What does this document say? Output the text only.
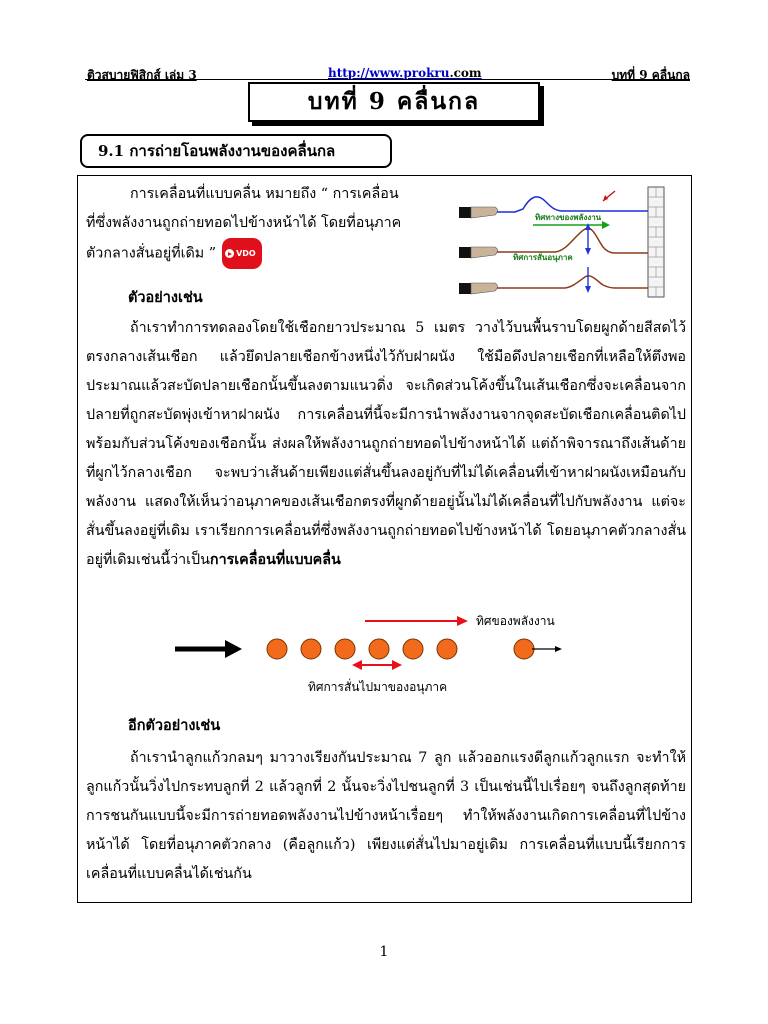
ติวสบายฟิสิกส์ เล่ม 3	http://www.prokru.com	บทที่ 9 คลื่นกล
บทที่ 9 คลื่นกล
9.1 การถ่ายโอนพลังงานของคลื่นกล
การเคลื่อนที่แบบคลื่น หมายถึง “ การเคลื่อน
ที่ซึ่งพลังงานถูกถ่ายทอดไปข้างหน้าได้ โดยที่อนุภาค
ตัวกลางสั่นอยู่ที่เดิม ”	VDO
ทิศทางของพลังงาน
ทิศการสั่นอนุภาค
ตัวอย่างเช่น
ถ้าเราทำการทดลองโดยใช้เชือกยาวประมาณ 5 เมตร วางไว้บนพื้นราบโดยผูกด้ายสีสดไว้ตรงกลางเส้นเชือก แล้วยึดปลายเชือกข้างหนึ่งไว้กับฝาผนัง ใช้มือดึงปลายเชือกที่เหลือให้ตึงพอประมาณแล้วสะบัดปลายเชือกนั้นขึ้นลงตามแนวดิ่ง จะเกิดส่วนโค้งขึ้นในเส้นเชือกซึ่งจะเคลื่อนจากปลายที่ถูกสะบัดพุ่งเข้าหาฝาผนัง การเคลื่อนที่นี้จะมีการนำพลังงานจากจุดสะบัดเชือกเคลื่อนติดไปพร้อมกับส่วนโค้งของเชือกนั้น ส่งผลให้พลังงานถูกถ่ายทอดไปข้างหน้าได้ แต่ถ้าพิจารณาถึงเส้นด้ายที่ผูกไว้กลางเชือก จะพบว่าเส้นด้ายเพียงแต่สั่นขึ้นลงอยู่กับที่ไม่ได้เคลื่อนที่เข้าหาฝาผนังเหมือนกับพลังงาน แสดงให้เห็นว่าอนุภาคของเส้นเชือกตรงที่ผูกด้ายอยู่นั้นไม่ได้เคลื่อนที่ไปกับพลังงาน แต่จะสั่นขึ้นลงอยู่ที่เดิม เราเรียกการเคลื่อนที่ซึ่งพลังงานถูกถ่ายทอดไปข้างหน้าได้ โดยอนุภาคตัวกลางสั่นอยู่ที่เดิมเช่นนี้ว่าเป็นการเคลื่อนที่แบบคลื่น
ทิศของพลังงาน
ทิศการสั่นไปมาของอนุภาค
อีกตัวอย่างเช่น
ถ้าเรานำลูกแก้วกลมๆ มาวางเรียงกันประมาณ 7 ลูก แล้วออกแรงดีลูกแก้วลูกแรก จะทำให้ลูกแก้วนั้นวิ่งไปกระทบลูกที่ 2 แล้วลูกที่ 2 นั้นจะวิ่งไปชนลูกที่ 3 เป็นเช่นนี้ไปเรื่อยๆ จนถึงลูกสุดท้าย การชนกันแบบนี้จะมีการถ่ายทอดพลังงานไปข้างหน้าเรื่อยๆ ทำให้พลังงานเกิดการเคลื่อนที่ไปข้างหน้าได้ โดยที่อนุภาคตัวกลาง (คือลูกแก้ว) เพียงแต่สั่นไปมาอยู่เดิม การเคลื่อนที่แบบนี้เรียกการเคลื่อนที่แบบคลื่นได้เช่นกัน
1
